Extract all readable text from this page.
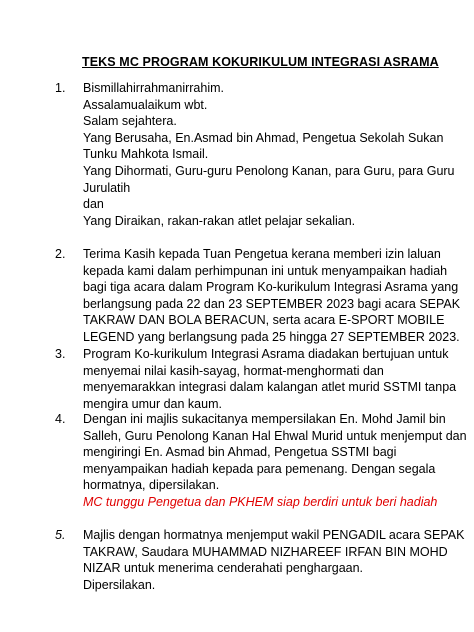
TEKS MC PROGRAM KOKURIKULUM INTEGRASI ASRAMA
1. Bismillahirrahmanirrahim.
Assalamualaikum wbt.
Salam sejahtera.
Yang Berusaha, En.Asmad bin Ahmad, Pengetua Sekolah Sukan
Tunku Mahkota Ismail.
Yang Dihormati, Guru-guru Penolong Kanan, para Guru, para Guru
Jurulatih
dan
Yang Diraikan, rakan-rakan atlet pelajar sekalian.
2. Terima Kasih kepada Tuan Pengetua kerana memberi izin laluan
kepada kami dalam perhimpunan ini untuk menyampaikan hadiah
bagi tiga acara dalam Program Ko-kurikulum Integrasi Asrama yang
berlangsung pada 22 dan 23 SEPTEMBER 2023 bagi acara SEPAK
TAKRAW DAN BOLA BERACUN, serta acara E-SPORT MOBILE
LEGEND yang berlangsung pada 25 hingga 27 SEPTEMBER 2023.
3. Program Ko-kurikulum Integrasi Asrama diadakan bertujuan untuk
menyemai nilai kasih-sayag, hormat-menghormati dan
menyemarakkan integrasi dalam kalangan atlet murid SSTMI tanpa
mengira umur dan kaum.
4. Dengan ini majlis sukacitanya mempersilakan En. Mohd Jamil bin
Salleh, Guru Penolong Kanan Hal Ehwal Murid untuk menjemput dan
mengiringi En. Asmad bin Ahmad, Pengetua SSTMI bagi
menyampaikan hadiah kepada para pemenang. Dengan segala
hormatnya, dipersilakan.
MC tunggu Pengetua dan PKHEM siap berdiri untuk beri hadiah
5. Majlis dengan hormatnya menjemput wakil PENGADIL acara SEPAK
TAKRAW, Saudara MUHAMMAD NIZHAREEF IRFAN BIN MOHD
NIZAR untuk menerima cenderahati penghargaan.
Dipersilakan.
